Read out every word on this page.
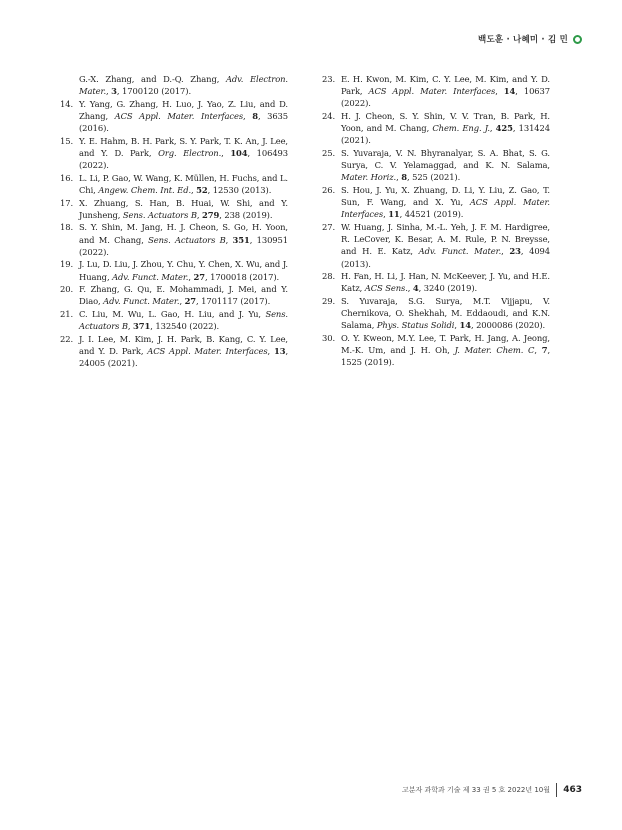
백도훈 · 나혜미 · 김 민
G.-X. Zhang, and D.-Q. Zhang, Adv. Electron. Mater., 3, 1700120 (2017).
14. Y. Yang, G. Zhang, H. Luo, J. Yao, Z. Liu, and D. Zhang, ACS Appl. Mater. Interfaces, 8, 3635 (2016).
15. Y. E. Hahm, B. H. Park, S. Y. Park, T. K. An, J. Lee, and Y. D. Park, Org. Electron., 104, 106493 (2022).
16. L. Li, P. Gao, W. Wang, K. Müllen, H. Fuchs, and L. Chi, Angew. Chem. Int. Ed., 52, 12530 (2013).
17. X. Zhuang, S. Han, B. Huai, W. Shi, and Y. Junsheng, Sens. Actuators B, 279, 238 (2019).
18. S. Y. Shin, M. Jang, H. J. Cheon, S. Go, H. Yoon, and M. Chang, Sens. Actuators B, 351, 130951 (2022).
19. J. Lu, D. Liu, J. Zhou, Y. Chu, Y. Chen, X. Wu, and J. Huang, Adv. Funct. Mater., 27, 1700018 (2017).
20. F. Zhang, G. Qu, E. Mohammadi, J. Mei, and Y. Diao, Adv. Funct. Mater., 27, 1701117 (2017).
21. C. Liu, M. Wu, L. Gao, H. Liu, and J. Yu, Sens. Actuators B, 371, 132540 (2022).
22. J. I. Lee, M. Kim, J. H. Park, B. Kang, C. Y. Lee, and Y. D. Park, ACS Appl. Mater. Interfaces, 13, 24005 (2021).
23. E. H. Kwon, M. Kim, C. Y. Lee, M. Kim, and Y. D. Park, ACS Appl. Mater. Interfaces, 14, 10637 (2022).
24. H. J. Cheon, S. Y. Shin, V. V. Tran, B. Park, H. Yoon, and M. Chang, Chem. Eng. J., 425, 131424 (2021).
25. S. Yuvaraja, V. N. Bhyranalyar, S. A. Bhat, S. G. Surya, C. V. Yelamaggad, and K. N. Salama, Mater. Horiz., 8, 525 (2021).
26. S. Hou, J. Yu, X. Zhuang, D. Li, Y. Liu, Z. Gao, T. Sun, F. Wang, and X. Yu, ACS Appl. Mater. Interfaces, 11, 44521 (2019).
27. W. Huang, J. Sinha, M.-L. Yeh, J. F. M. Hardigree, R. LeCover, K. Besar, A. M. Rule, P. N. Breysse, and H. E. Katz, Adv. Funct. Mater., 23, 4094 (2013).
28. H. Fan, H. Li, J. Han, N. McKeever, J. Yu, and H.E. Katz, ACS Sens., 4, 3240 (2019).
29. S. Yuvaraja, S.G. Surya, M.T. Vijjapu, V. Chernikova, O. Shekhah, M. Eddaoudi, and K.N. Salama, Phys. Status Solidi, 14, 2000086 (2020).
30. O. Y. Kweon, M.Y. Lee, T. Park, H. Jang, A. Jeong, M.-K. Um, and J. H. Oh, J. Mater. Chem. C, 7, 1525 (2019).
고분자 과학과 기술 제 33 권 5 호 2022년 10월 463
